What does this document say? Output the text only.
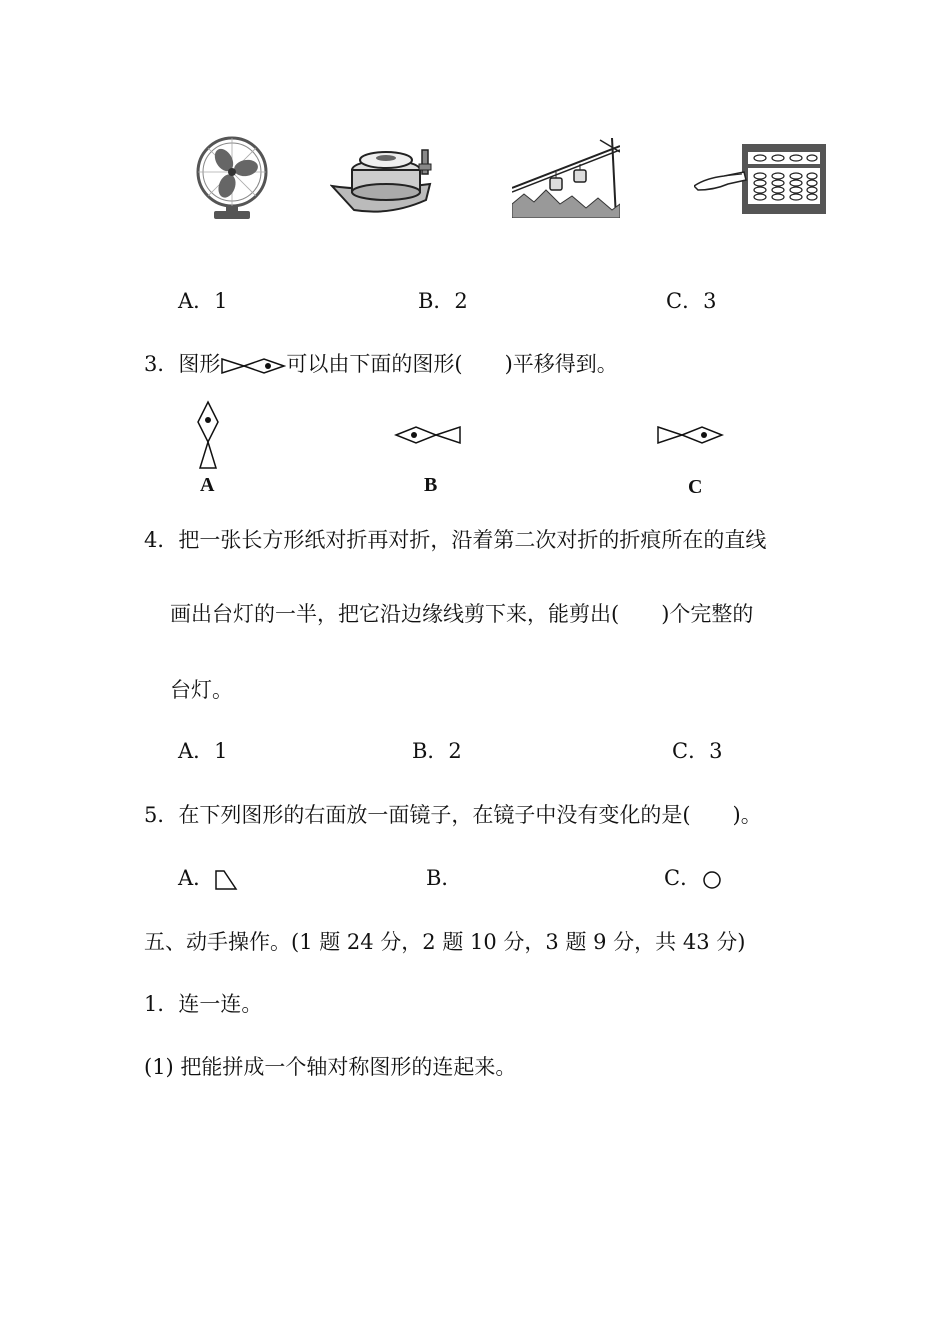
A．1	B．2	C．3
3．图形	可以由下面的图形(　　)平移得到。
A	B	C
4．把一张长方形纸对折再对折，沿着第二次对折的折痕所在的直线
画出台灯的一半，把它沿边缘线剪下来，能剪出(　　)个完整的
台灯。
A．1	B．2	C．3
5．在下列图形的右面放一面镜子，在镜子中没有变化的是(　　)。
A．	B．	C．
五、动手操作。(1 题 24 分，2 题 10 分，3 题 9 分，共 43 分)
1．连一连。
(1) 把能拼成一个轴对称图形的连起来。
